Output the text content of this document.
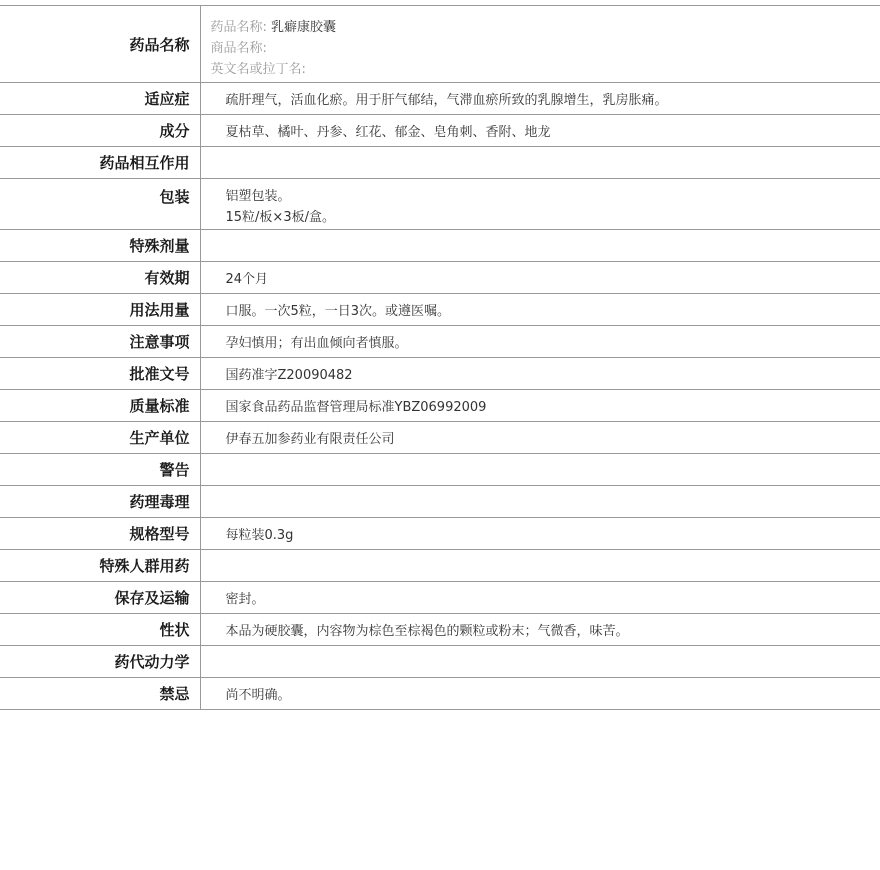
药品名称	药品名称: 乳癖康胶囊
商品名称:
英文名或拉丁名:

适应症	疏肝理气，活血化瘀。用于肝气郁结，气滞血瘀所致的乳腺增生，乳房胀痛。
成分	夏枯草、橘叶、丹参、红花、郁金、皂角刺、香附、地龙
药品相互作用	
包装	铝塑包装。
15粒/板×3板/盒。

特殊剂量	
有效期	24个月
用法用量	口服。一次5粒，一日3次。或遵医嘱。
注意事项	孕妇慎用；有出血倾向者慎服。
批准文号	国药准字Z20090482
质量标准	国家食品药品监督管理局标准YBZ06992009
生产单位	伊春五加参药业有限责任公司
警告	
药理毒理	
规格型号	每粒装0.3g
特殊人群用药	
保存及运输	密封。
性状	本品为硬胶囊，内容物为棕色至棕褐色的颗粒或粉末；气微香，味苦。
药代动力学	
禁忌	尚不明确。
